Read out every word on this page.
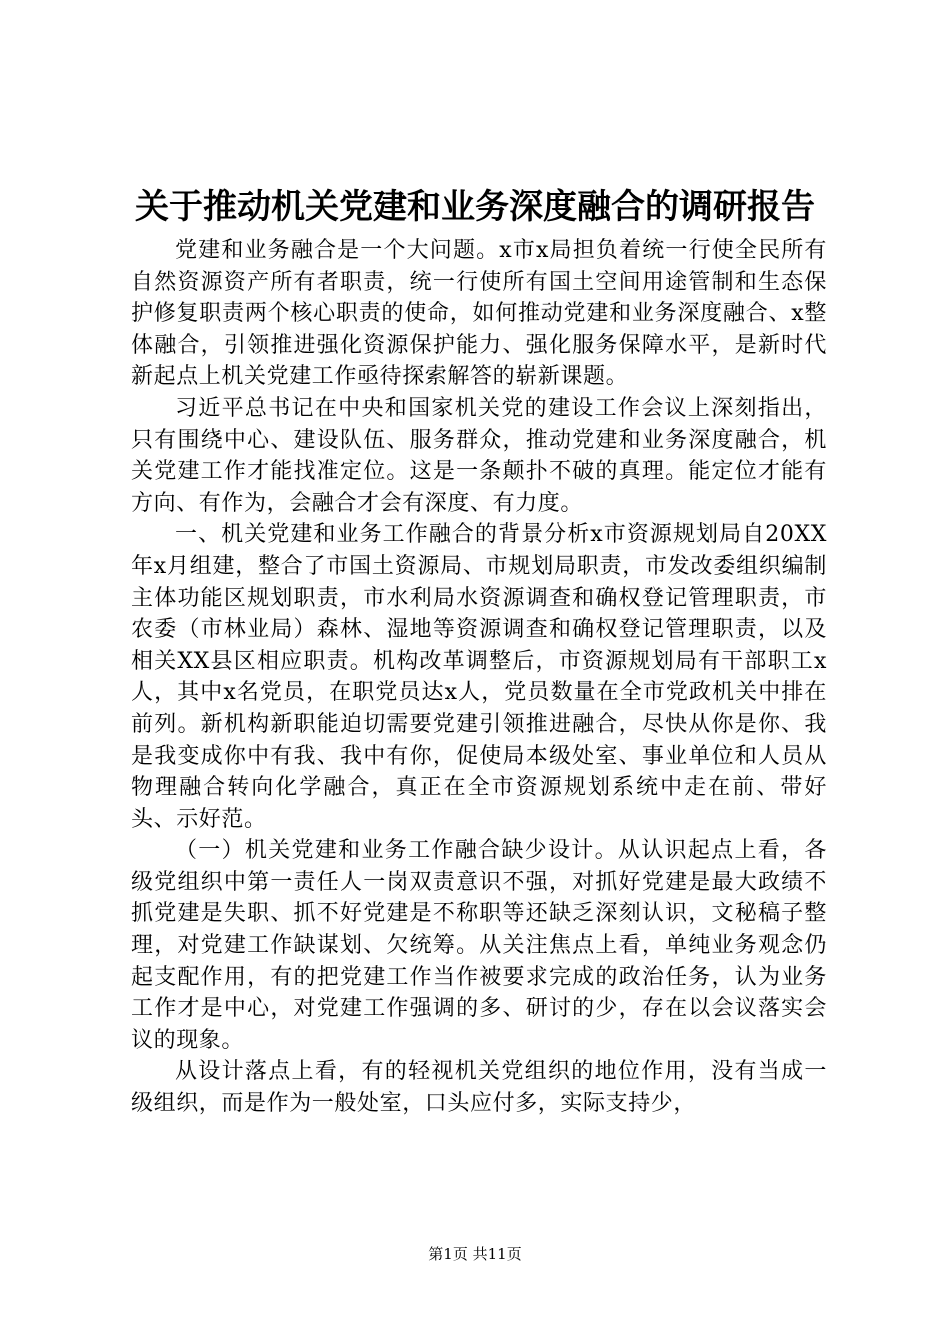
关于推动机关党建和业务深度融合的调研报告

党建和业务融合是一个大问题。x市x局担负着统一行使全民所有自然资源资产所有者职责，统一行使所有国土空间用途管制和生态保护修复职责两个核心职责的使命，如何推动党建和业务深度融合、x整体融合，引领推进强化资源保护能力、强化服务保障水平，是新时代新起点上机关党建工作亟待探索解答的崭新课题。

习近平总书记在中央和国家机关党的建设工作会议上深刻指出，只有围绕中心、建设队伍、服务群众，推动党建和业务深度融合，机关党建工作才能找准定位。这是一条颠扑不破的真理。能定位才能有方向、有作为，会融合才会有深度、有力度。

一、机关党建和业务工作融合的背景分析x市资源规划局自20XX年x月组建，整合了市国土资源局、市规划局职责，市发改委组织编制主体功能区规划职责，市水利局水资源调查和确权登记管理职责，市农委（市林业局）森林、湿地等资源调查和确权登记管理职责，以及相关XX县区相应职责。机构改革调整后，市资源规划局有干部职工x人，其中x名党员，在职党员达x人，党员数量在全市党政机关中排在前列。新机构新职能迫切需要党建引领推进融合，尽快从你是你、我是我变成你中有我、我中有你，促使局本级处室、事业单位和人员从物理融合转向化学融合，真正在全市资源规划系统中走在前、带好头、示好范。

（一）机关党建和业务工作融合缺少设计。从认识起点上看，各级党组织中第一责任人一岗双责意识不强，对抓好党建是最大政绩不抓党建是失职、抓不好党建是不称职等还缺乏深刻认识，文秘稿子整理，对党建工作缺谋划、欠统筹。从关注焦点上看，单纯业务观念仍起支配作用，有的把党建工作当作被要求完成的政治任务，认为业务工作才是中心，对党建工作强调的多、研讨的少，存在以会议落实会议的现象。

从设计落点上看，有的轻视机关党组织的地位作用，没有当成一级组织，而是作为一般处室，口头应付多，实际支持少，

第1页 共11页
